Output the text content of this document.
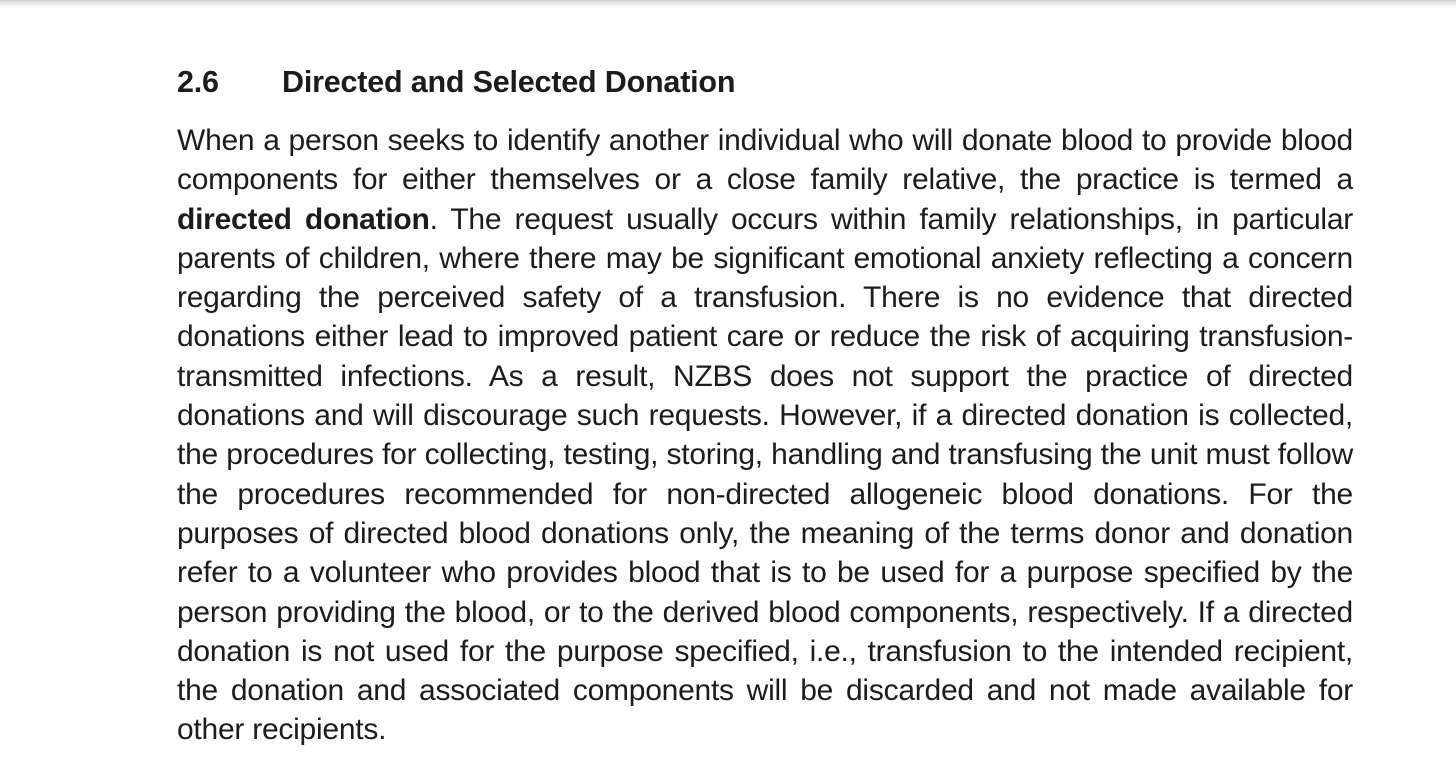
2.6	Directed and Selected Donation

When a person seeks to identify another individual who will donate blood to provide blood components for either themselves or a close family relative, the practice is termed a directed donation. The request usually occurs within family relationships, in particular parents of children, where there may be significant emotional anxiety reflecting a concern regarding the perceived safety of a transfusion. There is no evidence that directed donations either lead to improved patient care or reduce the risk of acquiring transfusion-transmitted infections. As a result, NZBS does not support the practice of directed donations and will discourage such requests. However, if a directed donation is collected, the procedures for collecting, testing, storing, handling and transfusing the unit must follow the procedures recommended for non-directed allogeneic blood donations. For the purposes of directed blood donations only, the meaning of the terms donor and donation refer to a volunteer who provides blood that is to be used for a purpose specified by the person providing the blood, or to the derived blood components, respectively. If a directed donation is not used for the purpose specified, i.e., transfusion to the intended recipient, the donation and associated components will be discarded and not made available for other recipients.
